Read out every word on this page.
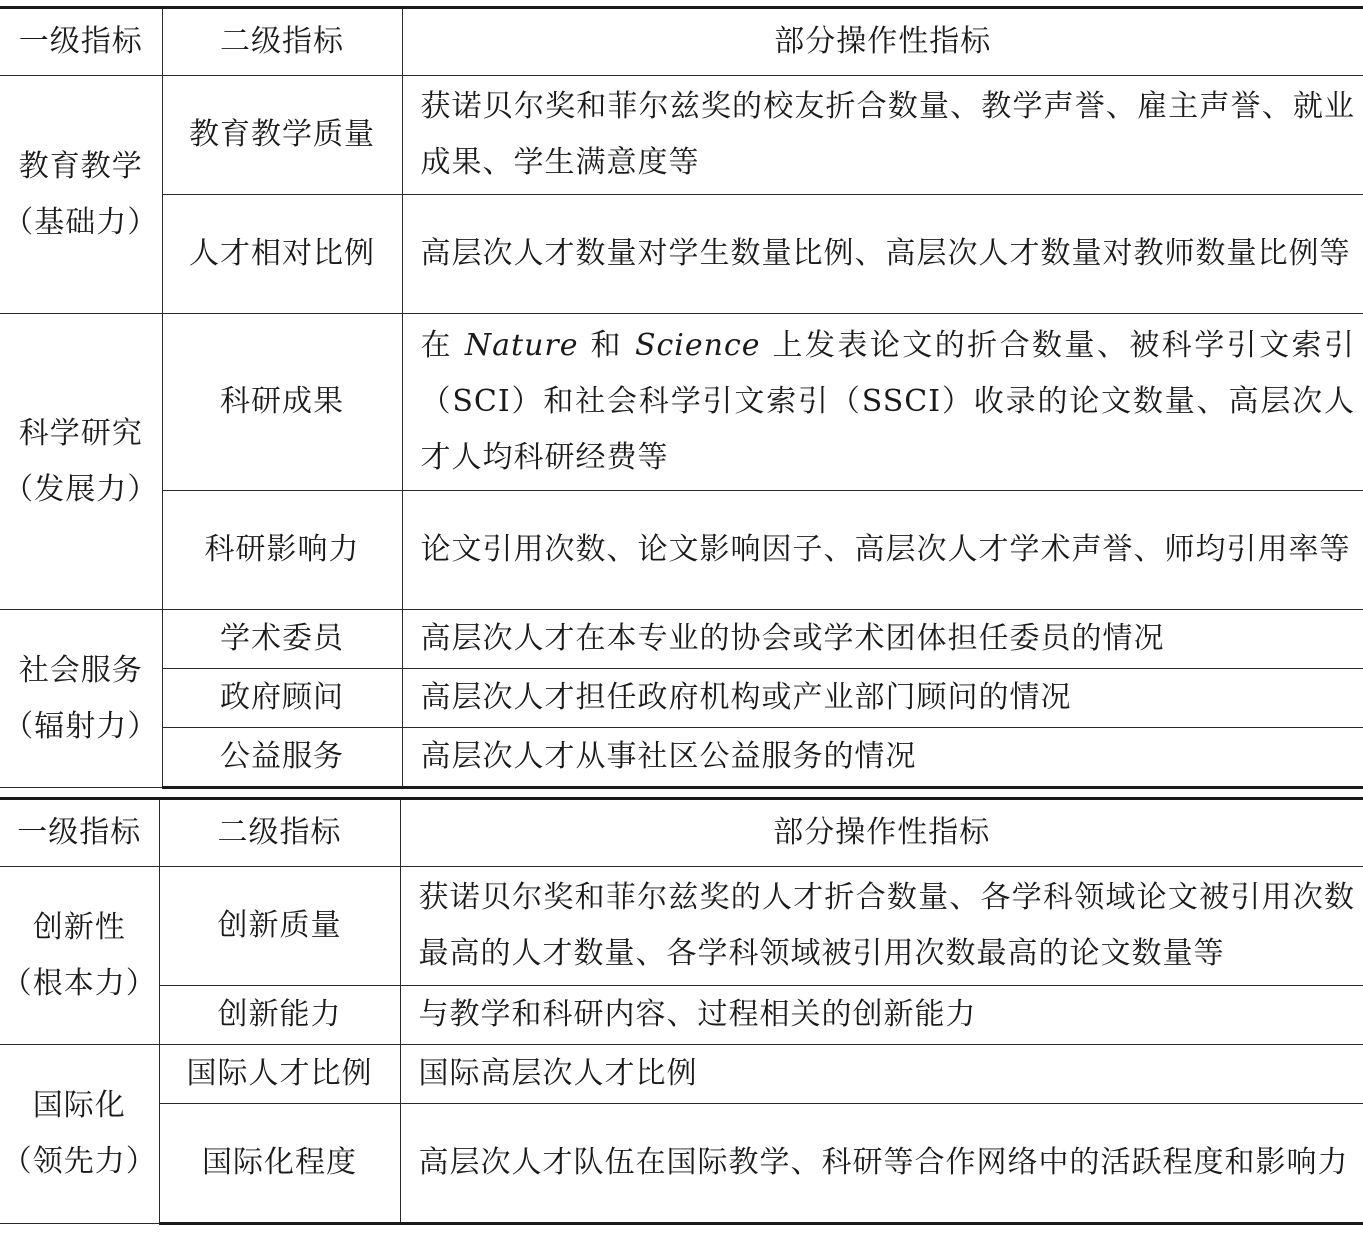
一级指标	二级指标	部分操作性指标

教育教学
（基础力）	教育教学质量	获诺贝尔奖和菲尔兹奖的校友折合数量、教学声誉、雇主声誉、就业成果、学生满意度等
	人才相对比例	高层次人才数量对学生数量比例、高层次人才数量对教师数量比例等

科学研究
（发展力）	科研成果	在 Nature 和 Science 上发表论文的折合数量、被科学引文索引（SCI）和社会科学引文索引（SSCI）收录的论文数量、高层次人才人均科研经费等
	科研影响力	论文引用次数、论文影响因子、高层次人才学术声誉、师均引用率等

社会服务
（辐射力）	学术委员	高层次人才在本专业的协会或学术团体担任委员的情况
	政府顾问	高层次人才担任政府机构或产业部门顾问的情况
	公益服务	高层次人才从事社区公益服务的情况
一级指标	二级指标	部分操作性指标

创新性
（根本力）	创新质量	获诺贝尔奖和菲尔兹奖的人才折合数量、各学科领域论文被引用次数最高的人才数量、各学科领域被引用次数最高的论文数量等
	创新能力	与教学和科研内容、过程相关的创新能力

国际化
（领先力）	国际人才比例	国际高层次人才比例
	国际化程度	高层次人才队伍在国际教学、科研等合作网络中的活跃程度和影响力
